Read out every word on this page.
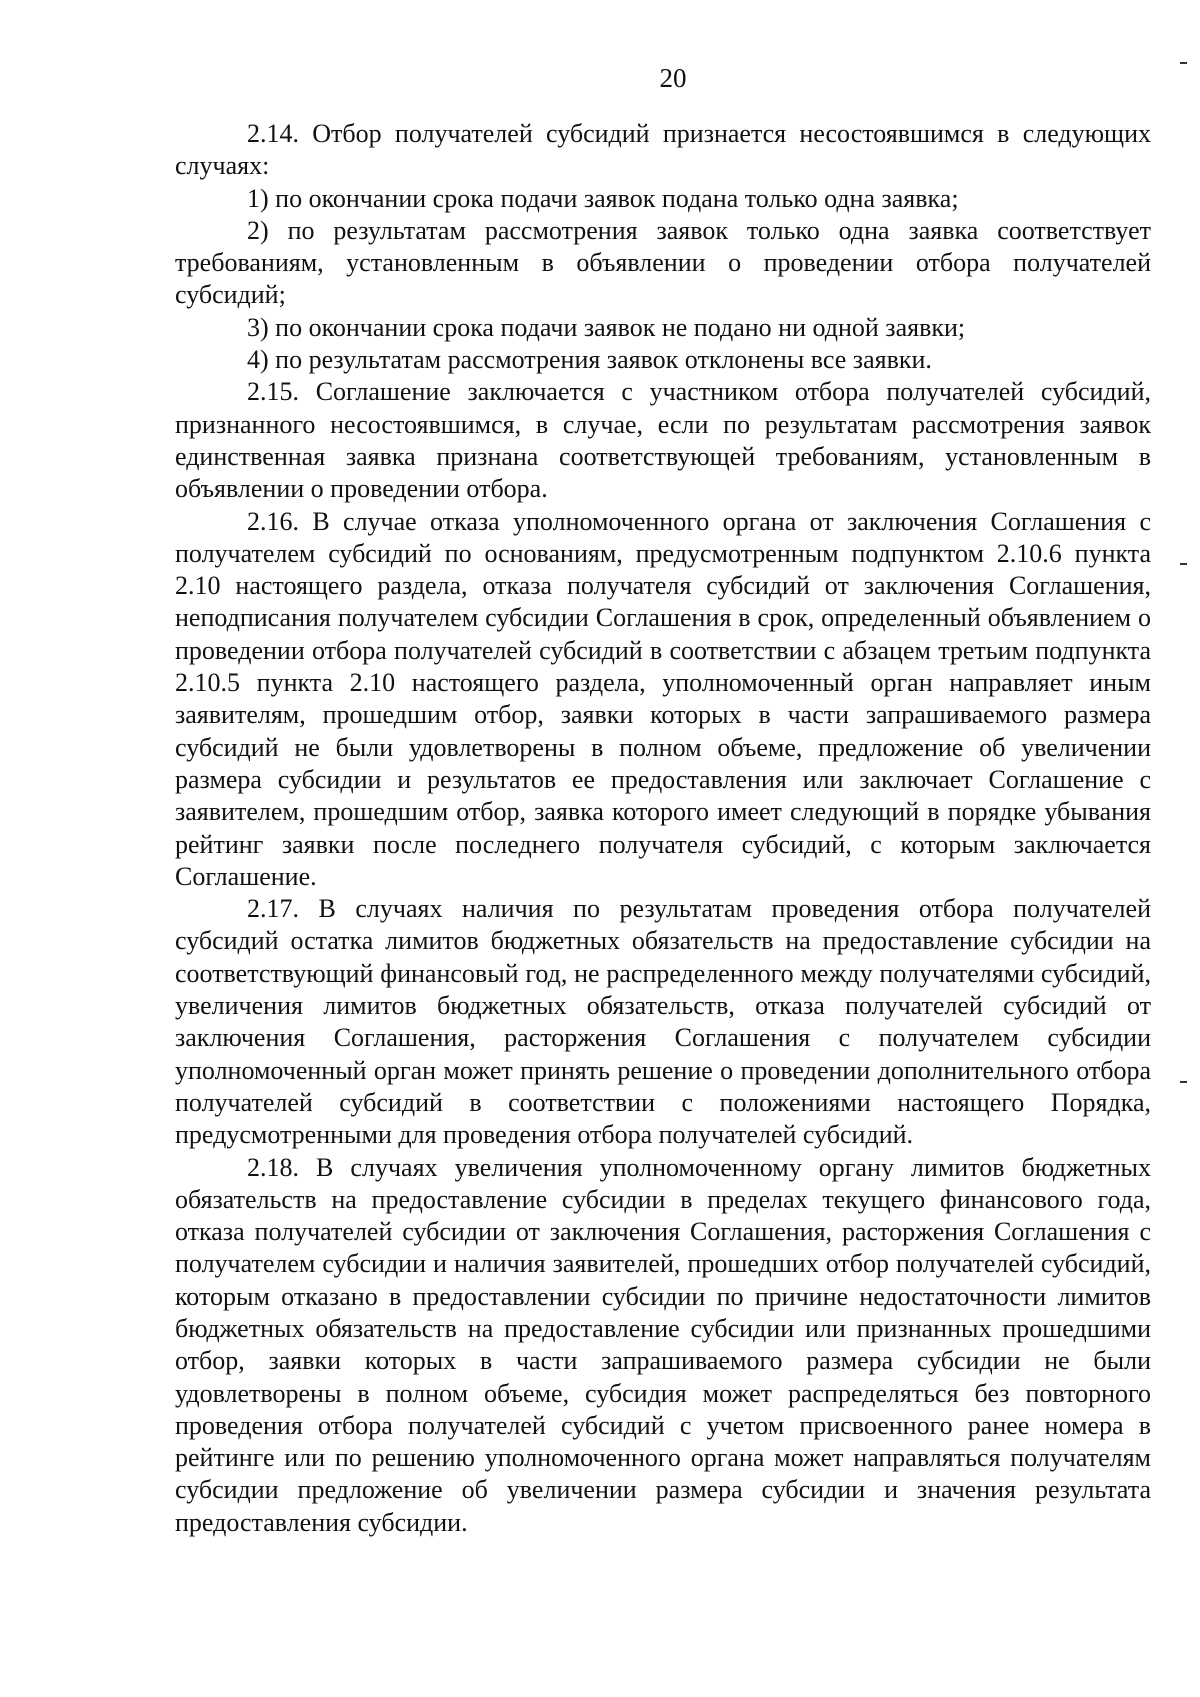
20

2.14. Отбор получателей субсидий признается несостоявшимся в следующих случаях:

1) по окончании срока подачи заявок подана только одна заявка;

2) по результатам рассмотрения заявок только одна заявка соответствует требованиям, установленным в объявлении о проведении отбора получателей субсидий;

3) по окончании срока подачи заявок не подано ни одной заявки;

4) по результатам рассмотрения заявок отклонены все заявки.

2.15. Соглашение заключается с участником отбора получателей субсидий, признанного несостоявшимся, в случае, если по результатам рассмотрения заявок единственная заявка признана соответствующей требованиям, установленным в объявлении о проведении отбора.

2.16. В случае отказа уполномоченного органа от заключения Соглашения с получателем субсидий по основаниям, предусмотренным подпунктом 2.10.6 пункта 2.10 настоящего раздела, отказа получателя субсидий от заключения Соглашения, неподписания получателем субсидии Соглашения в срок, определенный объявлением о проведении отбора получателей субсидий в соответствии с абзацем третьим подпункта 2.10.5 пункта 2.10 настоящего раздела, уполномоченный орган направляет иным заявителям, прошедшим отбор, заявки которых в части запрашиваемого размера субсидий не были удовлетворены в полном объеме, предложение об увеличении размера субсидии и результатов ее предоставления или заключает Соглашение с заявителем, прошедшим отбор, заявка которого имеет следующий в порядке убывания рейтинг заявки после последнего получателя субсидий, с которым заключается Соглашение.

2.17. В случаях наличия по результатам проведения отбора получателей субсидий остатка лимитов бюджетных обязательств на предоставление субсидии на соответствующий финансовый год, не распределенного между получателями субсидий, увеличения лимитов бюджетных обязательств, отказа получателей субсидий от заключения Соглашения, расторжения Соглашения с получателем субсидии уполномоченный орган может принять решение о проведении дополнительного отбора получателей субсидий в соответствии с положениями настоящего Порядка, предусмотренными для проведения отбора получателей субсидий.

2.18. В случаях увеличения уполномоченному органу лимитов бюджетных обязательств на предоставление субсидии в пределах текущего финансового года, отказа получателей субсидии от заключения Соглашения, расторжения Соглашения с получателем субсидии и наличия заявителей, прошедших отбор получателей субсидий, которым отказано в предоставлении субсидии по причине недостаточности лимитов бюджетных обязательств на предоставление субсидии или признанных прошедшими отбор, заявки которых в части запрашиваемого размера субсидии не были удовлетворены в полном объеме, субсидия может распределяться без повторного проведения отбора получателей субсидий с учетом присвоенного ранее номера в рейтинге или по решению уполномоченного органа может направляться получателям субсидии предложение об увеличении размера субсидии и значения результата предоставления субсидии.
